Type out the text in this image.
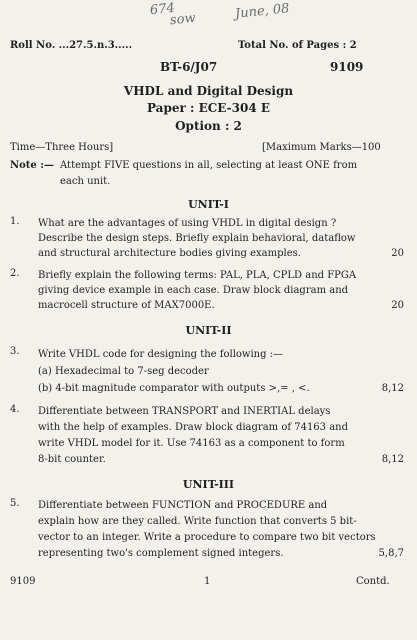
674
sow	June, 08
Roll No. ...27.5.n.3.....	Total No. of Pages : 2
BT-6/J07	9109
VHDL and Digital Design
Paper : ECE-304 E
Option : 2
Time—Three Hours]	[Maximum Marks—100
Note :— Attempt FIVE questions in all, selecting at least ONE from
each unit.
UNIT-I
1. What are the advantages of using VHDL in digital design ?
Describe the design steps. Briefly explain behavioral, dataflow
and structural architecture bodies giving examples.	20
2. Briefly explain the following terms: PAL, PLA, CPLD and FPGA
giving device example in each case. Draw block diagram and
macrocell structure of MAX7000E.	20
UNIT-II
3. Write VHDL code for designing the following :—
(a) Hexadecimal to 7-seg decoder
(b) 4-bit magnitude comparator with outputs >,= , <.	8,12
4. Differentiate between TRANSPORT and INERTIAL delays
with the help of examples. Draw block diagram of 74163 and
write VHDL model for it. Use 74163 as a component to form
8-bit counter.	8,12
UNIT-III
5. Differentiate between FUNCTION and PROCEDURE and
explain how are they called. Write function that converts 5 bit-
vector to an integer. Write a procedure to compare two bit vectors
representing two's complement signed integers.	5,8,7
9109	1	Contd.
